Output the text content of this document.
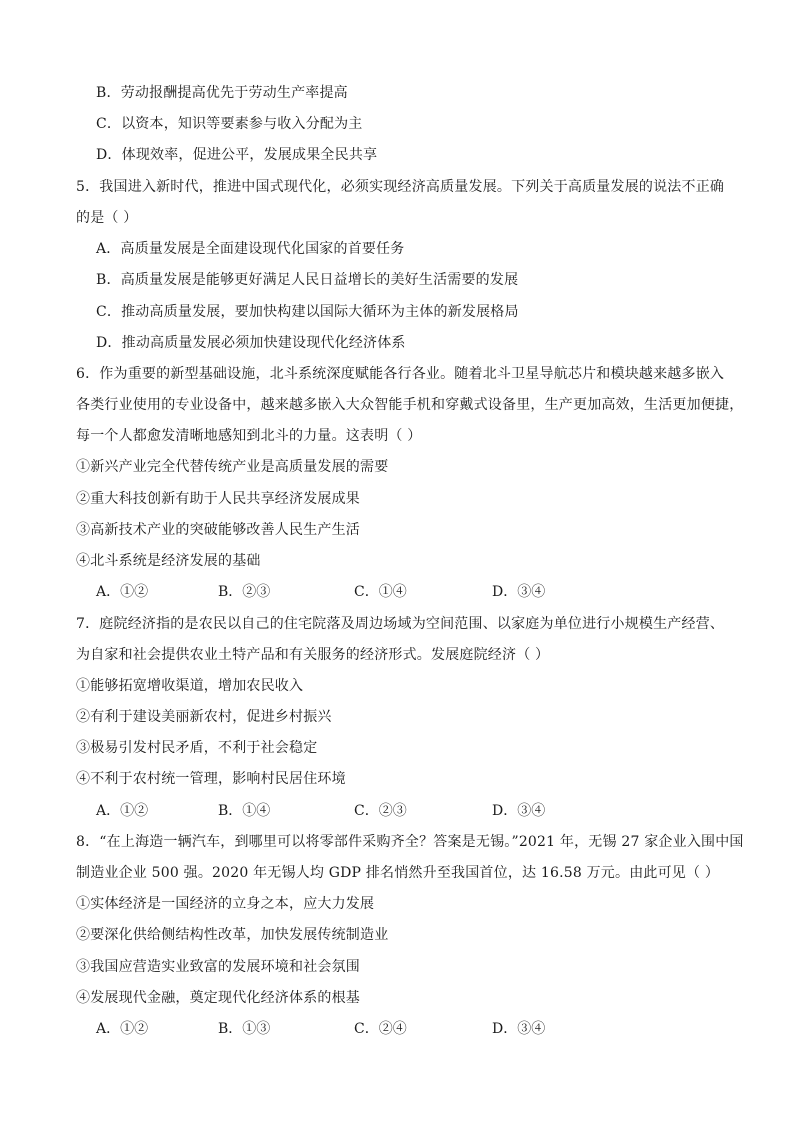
B．劳动报酬提高优先于劳动生产率提高
C．以资本，知识等要素参与收入分配为主
D．体现效率，促进公平，发展成果全民共享
5．我国进入新时代，推进中国式现代化，必须实现经济高质量发展。下列关于高质量发展的说法不正确
的是（ ）
A．高质量发展是全面建设现代化国家的首要任务
B．高质量发展是能够更好满足人民日益增长的美好生活需要的发展
C．推动高质量发展，要加快构建以国际大循环为主体的新发展格局
D．推动高质量发展必须加快建设现代化经济体系
6．作为重要的新型基础设施，北斗系统深度赋能各行各业。随着北斗卫星导航芯片和模块越来越多嵌入
各类行业使用的专业设备中，越来越多嵌入大众智能手机和穿戴式设备里，生产更加高效，生活更加便捷，
每一个人都愈发清晰地感知到北斗的力量。这表明（ ）
①新兴产业完全代替传统产业是高质量发展的需要
②重大科技创新有助于人民共享经济发展成果
③高新技术产业的突破能够改善人民生产生活
④北斗系统是经济发展的基础
A．①②	B．②③	C．①④	D．③④
7．庭院经济指的是农民以自己的住宅院落及周边场域为空间范围、以家庭为单位进行小规模生产经营、
为自家和社会提供农业土特产品和有关服务的经济形式。发展庭院经济（ ）
①能够拓宽增收渠道，增加农民收入
②有利于建设美丽新农村，促进乡村振兴
③极易引发村民矛盾，不利于社会稳定
④不利于农村统一管理，影响村民居住环境
A．①②	B．①④	C．②③	D．③④
8．“在上海造一辆汽车，到哪里可以将零部件采购齐全？答案是无锡。”2021 年，无锡 27 家企业入围中国
制造业企业 500 强。2020 年无锡人均 GDP 排名悄然升至我国首位，达 16.58 万元。由此可见（ ）
①实体经济是一国经济的立身之本，应大力发展
②要深化供给侧结构性改革，加快发展传统制造业
③我国应营造实业致富的发展环境和社会氛围
④发展现代金融，奠定现代化经济体系的根基
A．①②	B．①③	C．②④	D．③④
